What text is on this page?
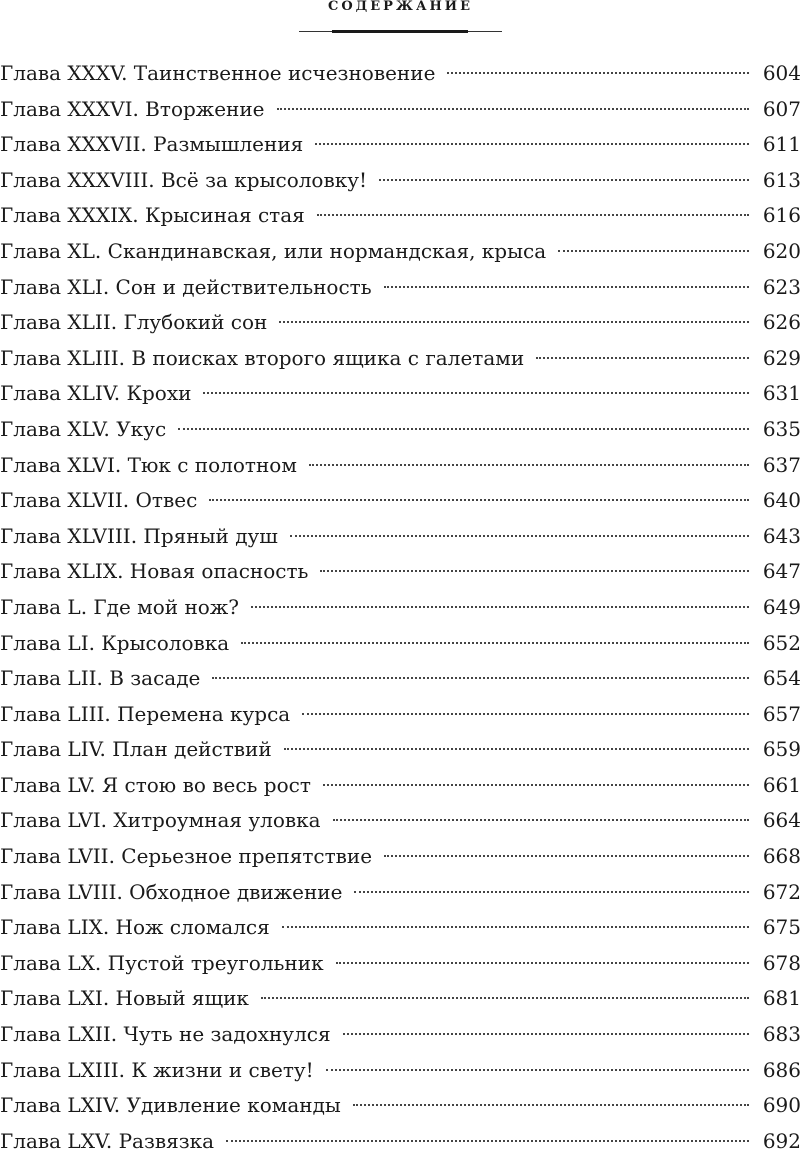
СОДЕРЖАНИЕ
Глава XXXV. Таинственное исчезновение	604
Глава XXXVI. Вторжение	607
Глава XXXVII. Размышления	611
Глава XXXVIII. Всё за крысоловку!	613
Глава XXXIX. Крысиная стая	616
Глава XL. Скандинавская, или нормандская, крыса	620
Глава XLI. Сон и действительность	623
Глава XLII. Глубокий сон	626
Глава XLIII. В поисках второго ящика с галетами	629
Глава XLIV. Крохи	631
Глава XLV. Укус	635
Глава XLVI. Тюк с полотном	637
Глава XLVII. Отвес	640
Глава XLVIII. Пряный душ	643
Глава XLIX. Новая опасность	647
Глава L. Где мой нож?	649
Глава LI. Крысоловка	652
Глава LII. В засаде	654
Глава LIII. Перемена курса	657
Глава LIV. План действий	659
Глава LV. Я стою во весь рост	661
Глава LVI. Хитроумная уловка	664
Глава LVII. Серьезное препятствие	668
Глава LVIII. Обходное движение	672
Глава LIX. Нож сломался	675
Глава LX. Пустой треугольник	678
Глава LXI. Новый ящик	681
Глава LXII. Чуть не задохнулся	683
Глава LXIII. К жизни и свету!	686
Глава LXIV. Удивление команды	690
Глава LXV. Развязка	692
